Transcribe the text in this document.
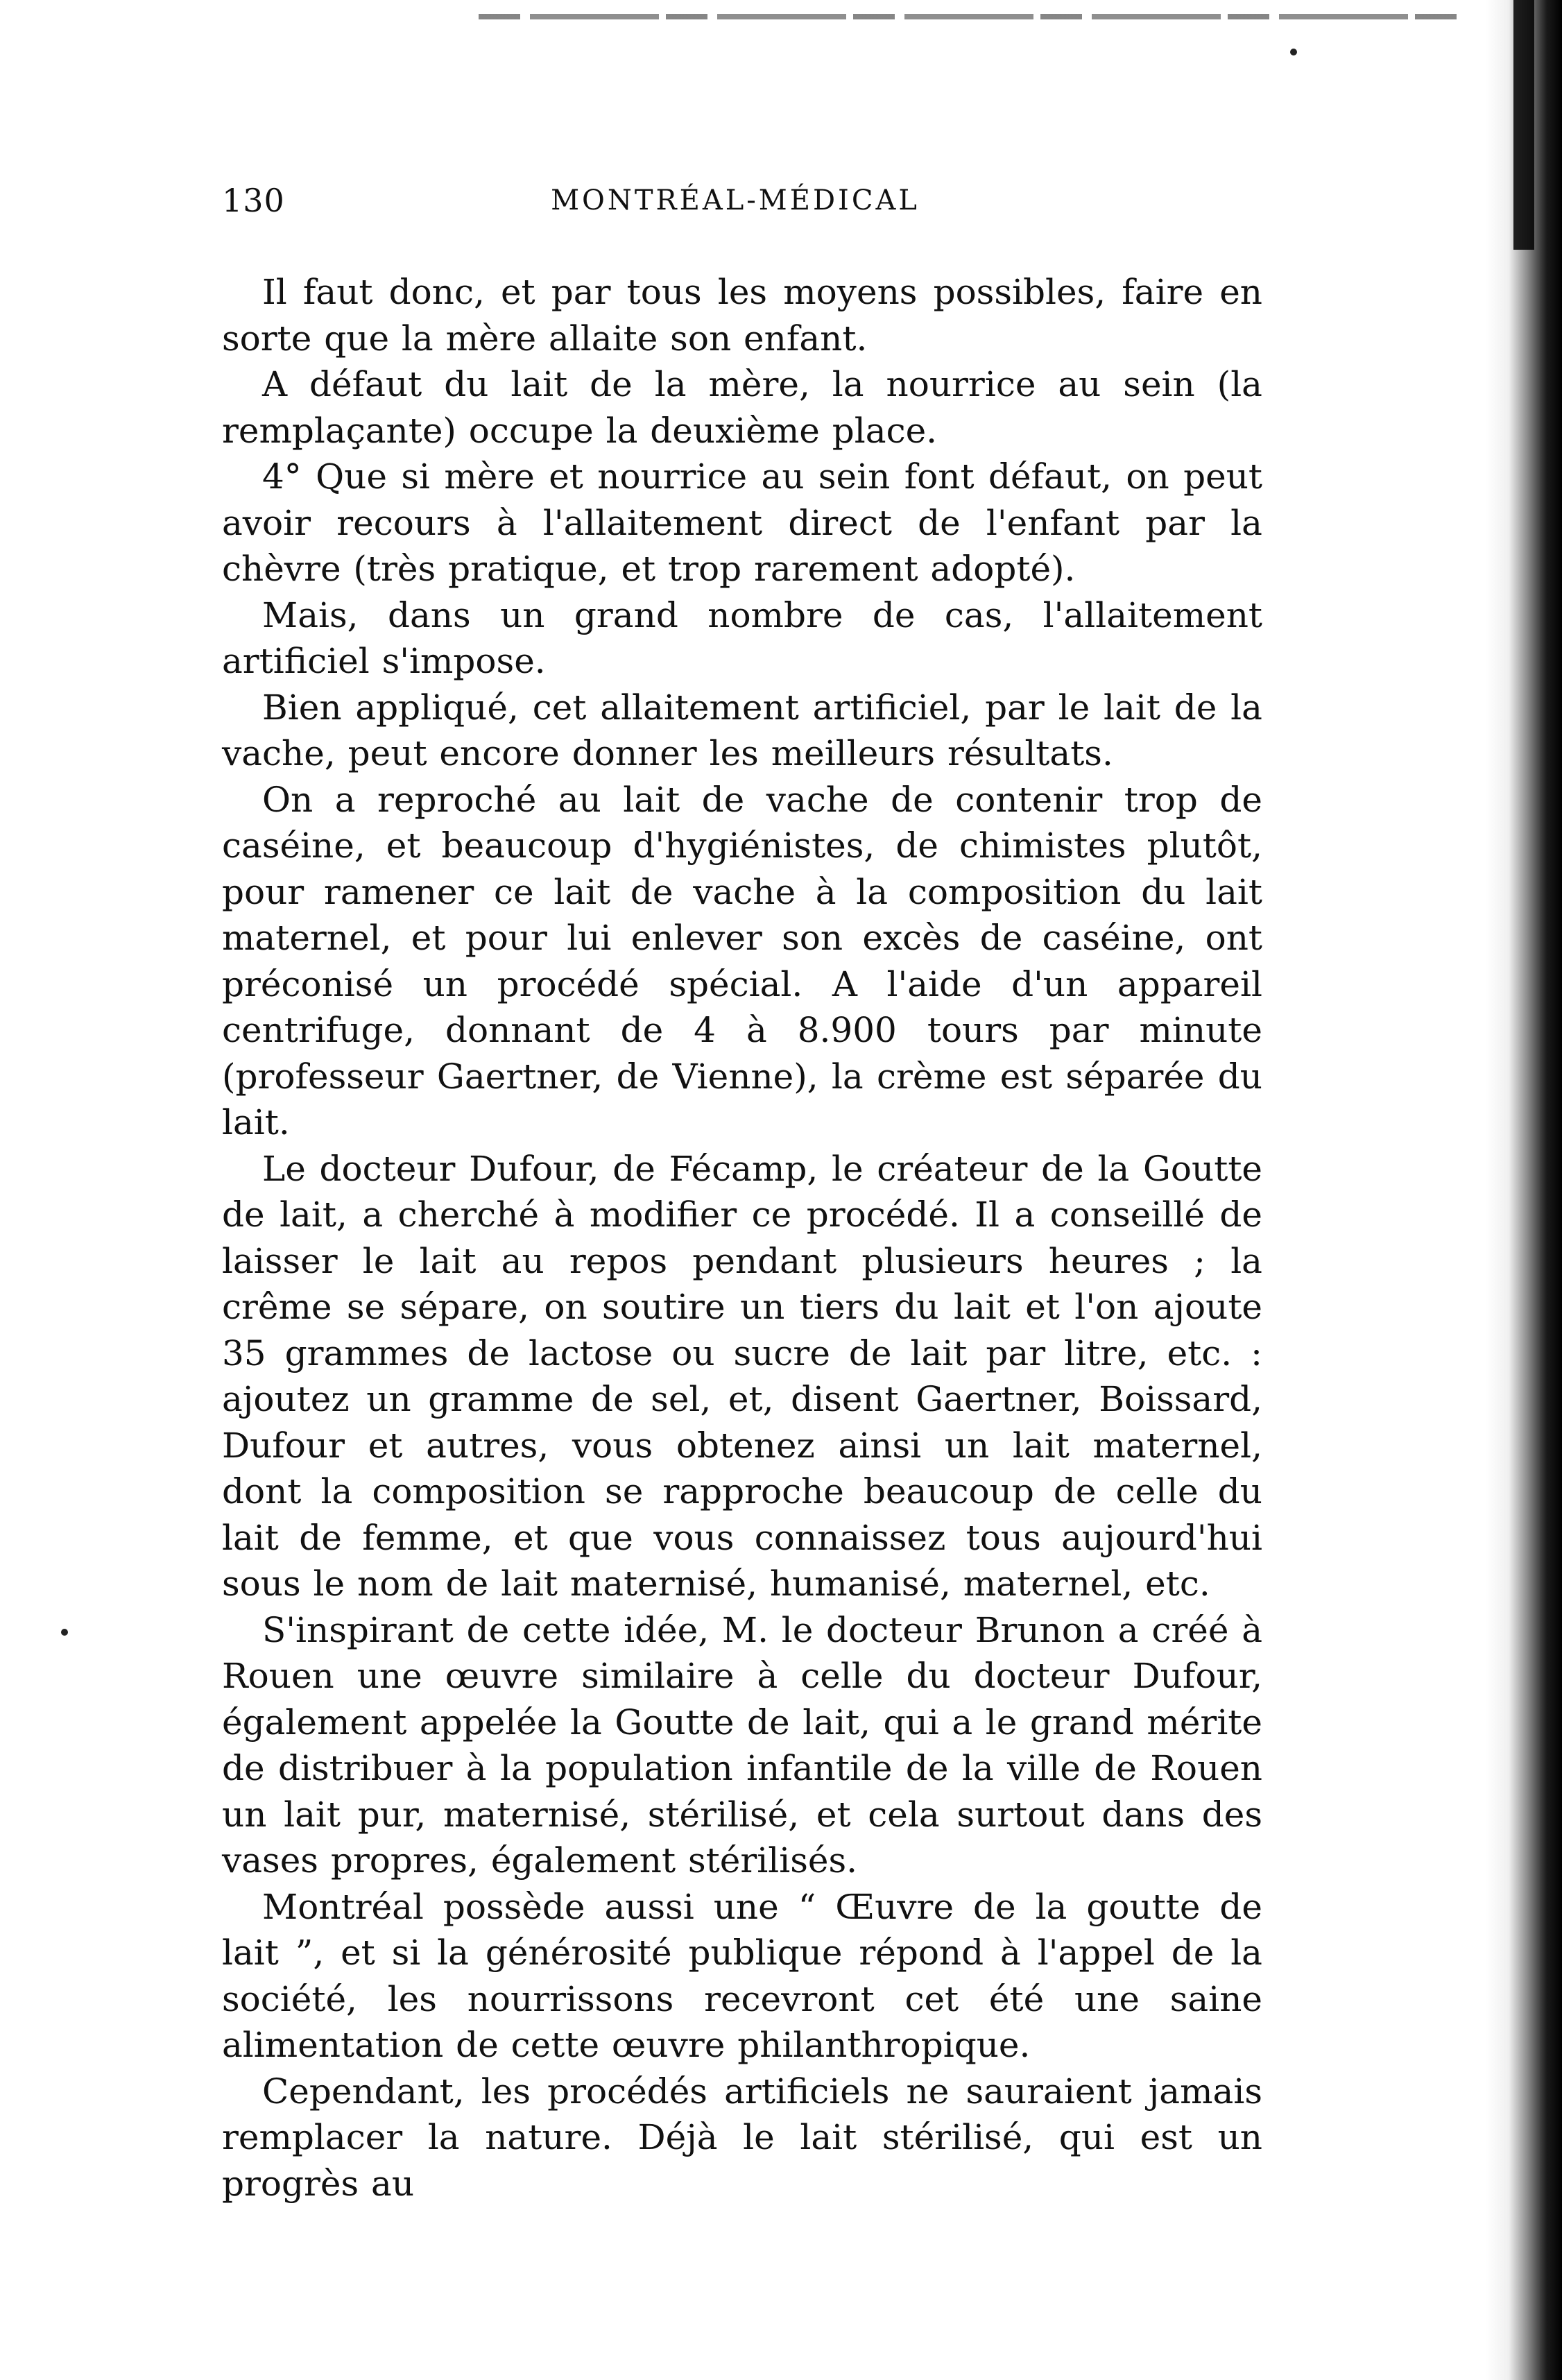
130	MONTRÉAL-MÉDICAL

Il faut donc, et par tous les moyens possibles, faire en sorte que la mère allaite son enfant.

A défaut du lait de la mère, la nourrice au sein (la remplaçante) occupe la deuxième place.

4° Que si mère et nourrice au sein font défaut, on peut avoir recours à l'allaitement direct de l'enfant par la chèvre (très pratique, et trop rarement adopté).

Mais, dans un grand nombre de cas, l'allaitement artificiel s'impose.

Bien appliqué, cet allaitement artificiel, par le lait de la vache, peut encore donner les meilleurs résultats.

On a reproché au lait de vache de contenir trop de caséine, et beaucoup d'hygiénistes, de chimistes plutôt, pour ramener ce lait de vache à la composition du lait maternel, et pour lui enlever son excès de caséine, ont préconisé un procédé spécial. A l'aide d'un appareil centrifuge, donnant de 4 à 8.900 tours par minute (professeur Gaertner, de Vienne), la crème est séparée du lait.

Le docteur Dufour, de Fécamp, le créateur de la Goutte de lait, a cherché à modifier ce procédé. Il a conseillé de laisser le lait au repos pendant plusieurs heures ; la crême se sépare, on soutire un tiers du lait et l'on ajoute 35 grammes de lactose ou sucre de lait par litre, etc. : ajoutez un gramme de sel, et, disent Gaertner, Boissard, Dufour et autres, vous obtenez ainsi un lait maternel, dont la composition se rapproche beaucoup de celle du lait de femme, et que vous connaissez tous aujourd'hui sous le nom de lait maternisé, humanisé, maternel, etc.

S'inspirant de cette idée, M. le docteur Brunon a créé à Rouen une œuvre similaire à celle du docteur Dufour, également appelée la Goutte de lait, qui a le grand mérite de distribuer à la population infantile de la ville de Rouen un lait pur, maternisé, stérilisé, et cela surtout dans des vases propres, également stérilisés.

Montréal possède aussi une “ Œuvre de la goutte de lait ”, et si la générosité publique répond à l'appel de la société, les nourrissons recevront cet été une saine alimentation de cette œuvre philanthropique.

Cependant, les procédés artificiels ne sauraient jamais remplacer la nature. Déjà le lait stérilisé, qui est un progrès au
